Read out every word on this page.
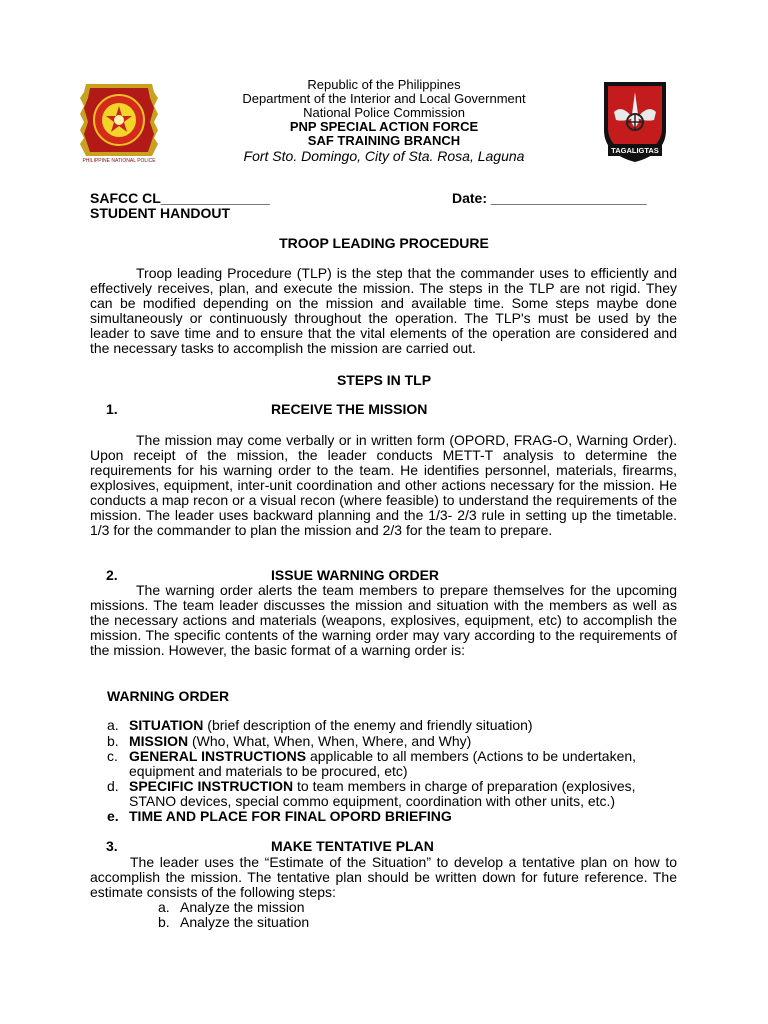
PHILIPPINE NATIONAL POLICE
Republic of the Philippines
Department of the Interior and Local Government
National Police Commission
PNP SPECIAL ACTION FORCE
SAF TRAINING BRANCH
Fort Sto. Domingo, City of Sta. Rosa, Laguna	TAGALIGTAS
SAFCC CL______________	Date: ____________________
STUDENT HANDOUT
TROOP LEADING PROCEDURE
Troop leading Procedure (TLP) is the step that the commander uses to efficiently and effectively receives, plan, and execute the mission. The steps in the TLP are not rigid. They can be modified depending on the mission and available time. Some steps maybe done simultaneously or continuously throughout the operation. The TLP's must be used by the leader to save time and to ensure that the vital elements of the operation are considered and the necessary tasks to accomplish the mission are carried out.
STEPS IN TLP
1.	RECEIVE THE MISSION
The mission may come verbally or in written form (OPORD, FRAG-O, Warning Order). Upon receipt of the mission, the leader conducts METT-T analysis to determine the requirements for his warning order to the team. He identifies personnel, materials, firearms, explosives, equipment, inter-unit coordination and other actions necessary for the mission. He conducts a map recon or a visual recon (where feasible) to understand the requirements of the mission. The leader uses backward planning and the 1/3- 2/3 rule in setting up the timetable. 1/3 for the commander to plan the mission and 2/3 for the team to prepare.
2.	ISSUE WARNING ORDER
The warning order alerts the team members to prepare themselves for the upcoming missions. The team leader discusses the mission and situation with the members as well as the necessary actions and materials (weapons, explosives, equipment, etc) to accomplish the mission. The specific contents of the warning order may vary according to the requirements of the mission. However, the basic format of a warning order is:
WARNING ORDER
a. SITUATION (brief description of the enemy and friendly situation)
b. MISSION (Who, What, When, When, Where, and Why)
c. GENERAL INSTRUCTIONS applicable to all members (Actions to be undertaken, equipment and materials to be procured, etc)
d. SPECIFIC INSTRUCTION to team members in charge of preparation (explosives, STANO devices, special commo equipment, coordination with other units, etc.)
e. TIME AND PLACE FOR FINAL OPORD BRIEFING
3.	MAKE TENTATIVE PLAN
The leader uses the “Estimate of the Situation” to develop a tentative plan on how to accomplish the mission. The tentative plan should be written down for future reference. The estimate consists of the following steps:
a. Analyze the mission
b. Analyze the situation
